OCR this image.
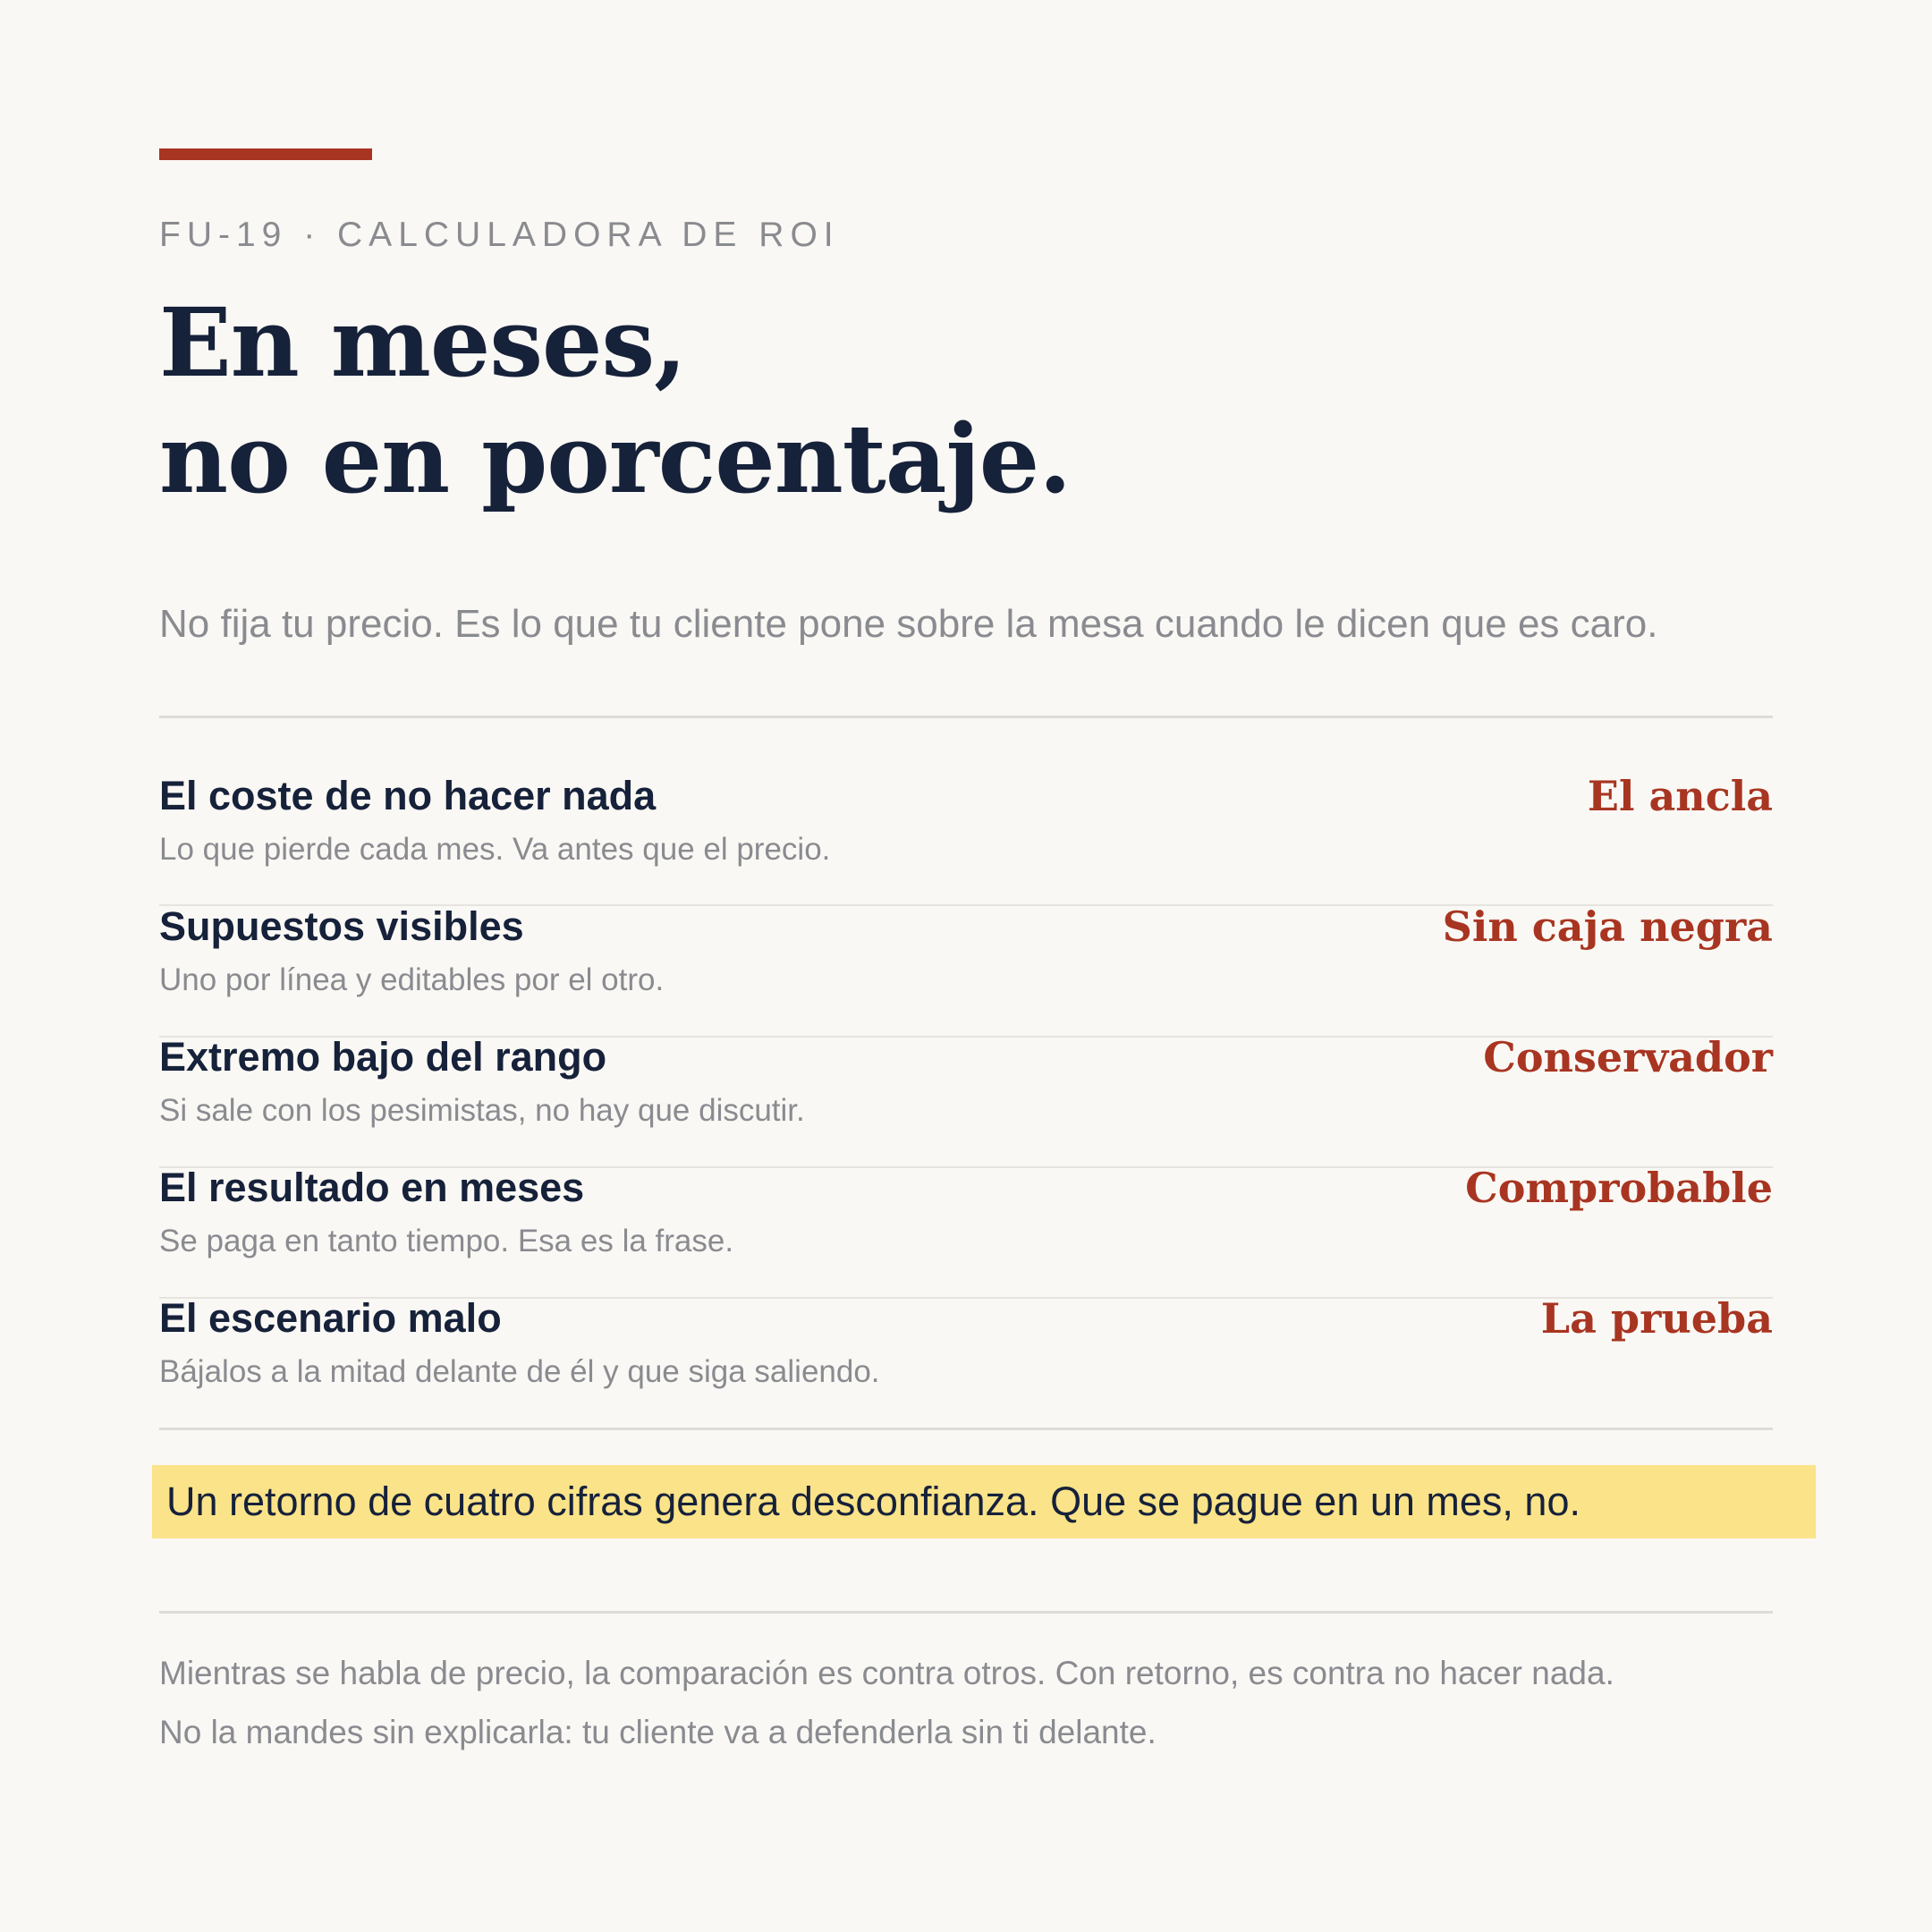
FU-19 · CALCULADORA DE ROI
En meses,
no en porcentaje.
No fija tu precio. Es lo que tu cliente pone sobre la mesa cuando le dicen que es caro.
El coste de no hacer nada
Lo que pierde cada mes. Va antes que el precio.
El ancla
Supuestos visibles
Uno por línea y editables por el otro.
Sin caja negra
Extremo bajo del rango
Si sale con los pesimistas, no hay que discutir.
Conservador
El resultado en meses
Se paga en tanto tiempo. Esa es la frase.
Comprobable
El escenario malo
Bájalos a la mitad delante de él y que siga saliendo.
La prueba
Un retorno de cuatro cifras genera desconfianza. Que se pague en un mes, no.

Mientras se habla de precio, la comparación es contra otros. Con retorno, es contra no hacer nada.

No la mandes sin explicarla: tu cliente va a defenderla sin ti delante.
